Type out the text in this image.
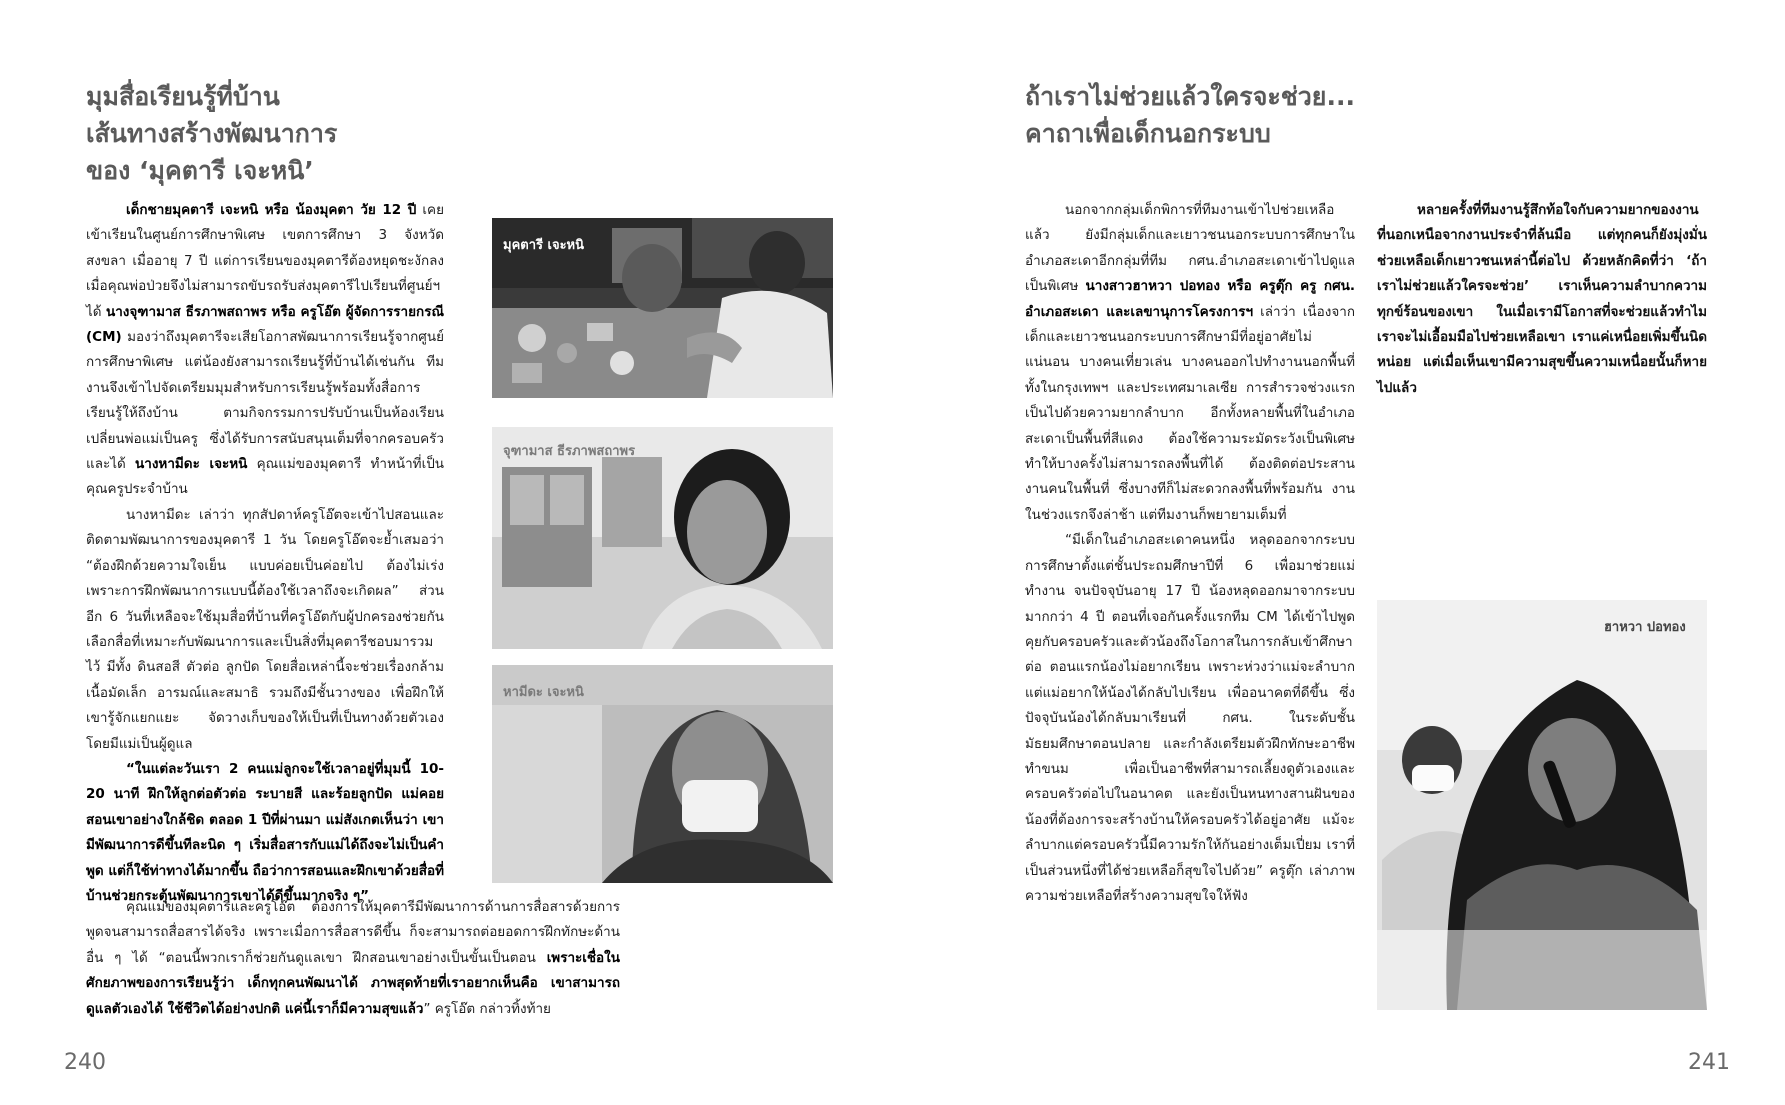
มุมสื่อเรียนรู้ที่บ้าน
เส้นทางสร้างพัฒนาการ
ของ ‘มุคตารี เจะหนิ’

เด็กชายมุคตารี เจะหนิ หรือ น้องมุคตา วัย 12 ปี เคยเข้าเรียนในศูนย์การศึกษาพิเศษ เขตการศึกษา 3 จังหวัดสงขลา เมื่ออายุ 7 ปี แต่การเรียนของมุคตารีต้องหยุดชะงักลง เมื่อคุณพ่อป่วยจึงไม่สามารถขับรถรับส่งมุคตารีไปเรียนที่ศูนย์ฯ ได้ นางจุฑามาส ธีรภาพสถาพร หรือ ครูโอ๊ต ผู้จัดการรายกรณี (CM) มองว่าถึงมุคตารีจะเสียโอกาสพัฒนาการเรียนรู้จากศูนย์การศึกษาพิเศษ แต่น้องยังสามารถเรียนรู้ที่บ้านได้เช่นกัน ทีมงานจึงเข้าไปจัดเตรียมมุมสำหรับการเรียนรู้พร้อมทั้งสื่อการเรียนรู้ให้ถึงบ้าน ตามกิจกรรมการปรับบ้านเป็นห้องเรียน เปลี่ยนพ่อแม่เป็นครู ซึ่งได้รับการสนับสนุนเต็มที่จากครอบครัว และได้ นางหามีดะ เจะหนิ คุณแม่ของมุคตารี ทำหน้าที่เป็นคุณครูประจำบ้าน

นางหามีดะ เล่าว่า ทุกสัปดาห์ครูโอ๊ตจะเข้าไปสอนและติดตามพัฒนาการของมุคตารี 1 วัน โดยครูโอ๊ตจะย้ำเสมอว่า “ต้องฝึกด้วยความใจเย็น แบบค่อยเป็นค่อยไป ต้องไม่เร่ง เพราะการฝึกพัฒนาการแบบนี้ต้องใช้เวลาถึงจะเกิดผล” ส่วนอีก 6 วันที่เหลือจะใช้มุมสื่อที่บ้านที่ครูโอ๊ตกับผู้ปกครองช่วยกันเลือกสื่อที่เหมาะกับพัฒนาการและเป็นสิ่งที่มุคตารีชอบมารวมไว้ มีทั้ง ดินสอสี ตัวต่อ ลูกปัด โดยสื่อเหล่านี้จะช่วยเรื่องกล้ามเนื้อมัดเล็ก อารมณ์และสมาธิ รวมถึงมีชั้นวางของ เพื่อฝึกให้เขารู้จักแยกแยะ จัดวางเก็บของให้เป็นที่เป็นทางด้วยตัวเอง โดยมีแม่เป็นผู้ดูแล

“ในแต่ละวันเรา 2 คนแม่ลูกจะใช้เวลาอยู่ที่มุมนี้ 10-20 นาที ฝึกให้ลูกต่อตัวต่อ ระบายสี และร้อยลูกปัด แม่คอยสอนเขาอย่างใกล้ชิด ตลอด 1 ปีที่ผ่านมา แม่สังเกตเห็นว่า เขามีพัฒนาการดีขึ้นทีละนิด ๆ เริ่มสื่อสารกับแม่ได้ถึงจะไม่เป็นคำพูด แต่ก็ใช้ท่าทางได้มากขึ้น ถือว่าการสอนและฝึกเขาด้วยสื่อที่บ้านช่วยกระตุ้นพัฒนาการเขาได้ดีขึ้นมากจริง ๆ”

คุณแม่ของมุคตารีและครูโอ๊ต ต้องการให้มุคตารีมีพัฒนาการด้านการสื่อสารด้วยการพูดจนสามารถสื่อสารได้จริง เพราะเมื่อการสื่อสารดีขึ้น ก็จะสามารถต่อยอดการฝึกทักษะด้านอื่น ๆ ได้ “ตอนนี้พวกเราก็ช่วยกันดูแลเขา ฝึกสอนเขาอย่างเป็นขั้นเป็นตอน เพราะเชื่อในศักยภาพของการเรียนรู้ว่า เด็กทุกคนพัฒนาได้ ภาพสุดท้ายที่เราอยากเห็นคือ เขาสามารถดูแลตัวเองได้ ใช้ชีวิตได้อย่างปกติ แค่นี้เราก็มีความสุขแล้ว” ครูโอ๊ต กล่าวทิ้งท้าย

มุคตารี เจะหนิ
จุฑามาส ธีรภาพสถาพร
หามีดะ เจะหนิ
240
ถ้าเราไม่ช่วยแล้วใครจะช่วย...
คาถาเพื่อเด็กนอกระบบ

นอกจากกลุ่มเด็กพิการที่ทีมงานเข้าไปช่วยเหลือแล้ว ยังมีกลุ่มเด็กและเยาวชนนอกระบบการศึกษาในอำเภอสะเดาอีกกลุ่มที่ทีม กศน.อำเภอสะเดาเข้าไปดูแลเป็นพิเศษ นางสาวฮาหวา ปอทอง หรือ ครูตุ๊ก ครู กศน. อำเภอสะเดา และเลขานุการโครงการฯ เล่าว่า เนื่องจากเด็กและเยาวชนนอกระบบการศึกษามีที่อยู่อาศัยไม่แน่นอน บางคนเที่ยวเล่น บางคนออกไปทำงานนอกพื้นที่ ทั้งในกรุงเทพฯ และประเทศมาเลเซีย การสำรวจช่วงแรกเป็นไปด้วยความยากลำบาก อีกทั้งหลายพื้นที่ในอำเภอสะเดาเป็นพื้นที่สีแดง ต้องใช้ความระมัดระวังเป็นพิเศษ ทำให้บางครั้งไม่สามารถลงพื้นที่ได้ ต้องติดต่อประสานงานคนในพื้นที่ ซึ่งบางทีก็ไม่สะดวกลงพื้นที่พร้อมกัน งานในช่วงแรกจึงล่าช้า แต่ทีมงานก็พยายามเต็มที่

“มีเด็กในอำเภอสะเดาคนหนึ่ง หลุดออกจากระบบการศึกษาตั้งแต่ชั้นประถมศึกษาปีที่ 6 เพื่อมาช่วยแม่ทำงาน จนปัจจุบันอายุ 17 ปี น้องหลุดออกมาจากระบบมากกว่า 4 ปี ตอนที่เจอกันครั้งแรกทีม CM ได้เข้าไปพูดคุยกับครอบครัวและตัวน้องถึงโอกาสในการกลับเข้าศึกษาต่อ ตอนแรกน้องไม่อยากเรียน เพราะห่วงว่าแม่จะลำบาก แต่แม่อยากให้น้องได้กลับไปเรียน เพื่ออนาคตที่ดีขึ้น ซึ่งปัจจุบันน้องได้กลับมาเรียนที่ กศน. ในระดับชั้นมัธยมศึกษาตอนปลาย และกำลังเตรียมตัวฝึกทักษะอาชีพทำขนม เพื่อเป็นอาชีพที่สามารถเลี้ยงดูตัวเองและครอบครัวต่อไปในอนาคต และยังเป็นหนทางสานฝันของน้องที่ต้องการจะสร้างบ้านให้ครอบครัวได้อยู่อาศัย แม้จะลำบากแต่ครอบครัวนี้มีความรักให้กันอย่างเต็มเปี่ยม เราที่เป็นส่วนหนึ่งที่ได้ช่วยเหลือก็สุขใจไปด้วย” ครูตุ๊ก เล่าภาพความช่วยเหลือที่สร้างความสุขใจให้ฟัง

หลายครั้งที่ทีมงานรู้สึกท้อใจกับความยากของงานที่นอกเหนือจากงานประจำที่ล้นมือ แต่ทุกคนก็ยังมุ่งมั่นช่วยเหลือเด็กเยาวชนเหล่านี้ต่อไป ด้วยหลักคิดที่ว่า ‘ถ้าเราไม่ช่วยแล้วใครจะช่วย’ เราเห็นความลำบากความทุกข์ร้อนของเขา ในเมื่อเรามีโอกาสที่จะช่วยแล้วทำไมเราจะไม่เอื้อมมือไปช่วยเหลือเขา เราแค่เหนื่อยเพิ่มขึ้นนิดหน่อย แต่เมื่อเห็นเขามีความสุขขึ้นความเหนื่อยนั้นก็หายไปแล้ว

ฮาหวา ปอทอง
241
